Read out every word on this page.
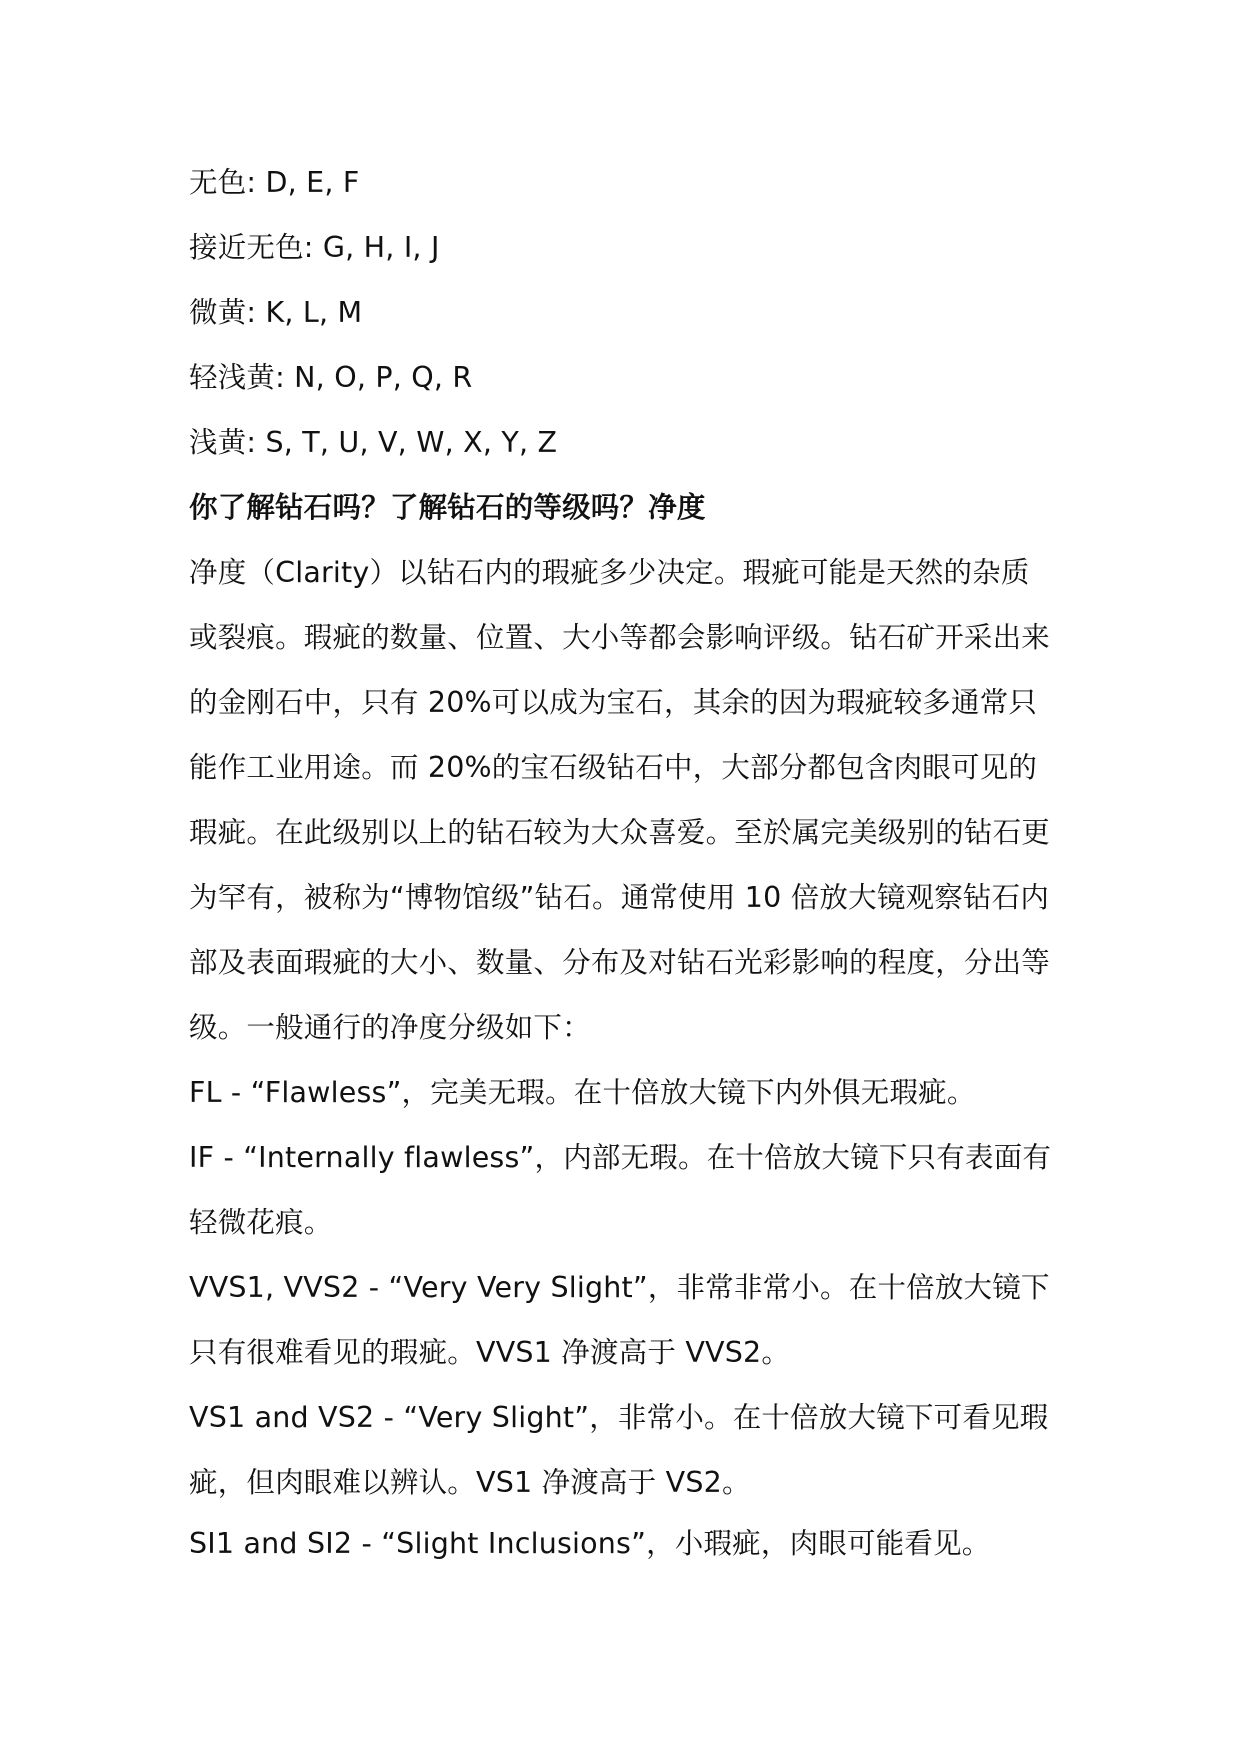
无色: D, E, F
接近无色: G, H, I, J
微黄: K, L, M
轻浅黄: N, O, P, Q, R
浅黄: S, T, U, V, W, X, Y, Z
你了解钻石吗？了解钻石的等级吗？净度
净度（Clarity）以钻石内的瑕疵多少决定。瑕疵可能是天然的杂质
或裂痕。瑕疵的数量、位置、大小等都会影响评级。钻石矿开采出来
的金刚石中，只有 20%可以成为宝石，其余的因为瑕疵较多通常只
能作工业用途。而 20%的宝石级钻石中，大部分都包含肉眼可见的
瑕疵。在此级别以上的钻石较为大众喜爱。至於属完美级别的钻石更
为罕有，被称为“博物馆级”钻石。通常使用 10 倍放大镜观察钻石内
部及表面瑕疵的大小、数量、分布及对钻石光彩影响的程度，分出等
级。一般通行的净度分级如下：
FL - “Flawless”，完美无瑕。在十倍放大镜下内外俱无瑕疵。
IF - “Internally flawless”，内部无瑕。在十倍放大镜下只有表面有
轻微花痕。
VVS1, VVS2 - “Very Very Slight”，非常非常小。在十倍放大镜下
只有很难看见的瑕疵。VVS1 净渡高于 VVS2。
VS1 and VS2 - “Very Slight”，非常小。在十倍放大镜下可看见瑕
疵，但肉眼难以辨认。VS1 净渡高于 VS2。
SI1 and SI2 - “Slight Inclusions”，小瑕疵，肉眼可能看见。
